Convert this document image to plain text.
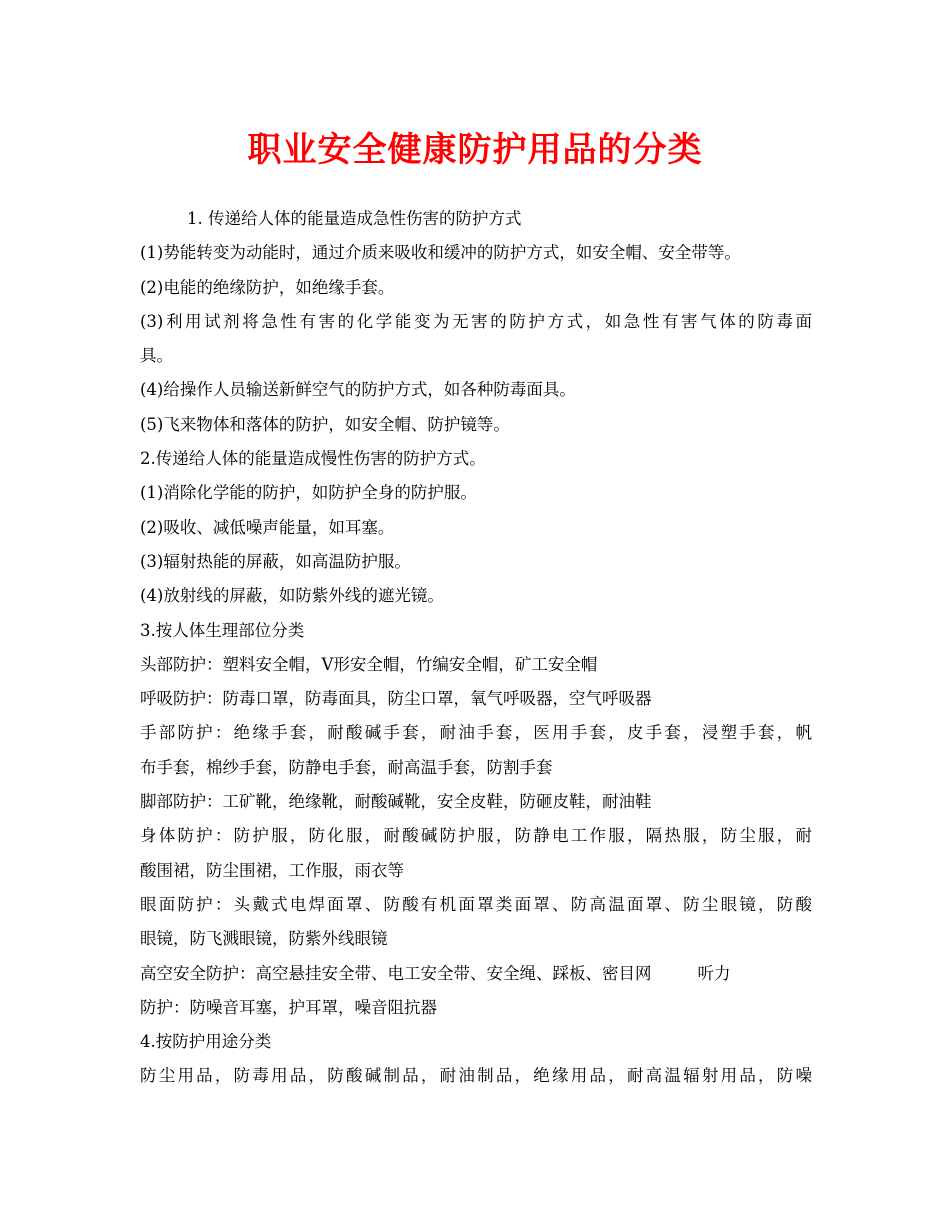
职业安全健康防护用品的分类
1. 传递给人体的能量造成急性伤害的防护方式
(1)势能转变为动能时，通过介质来吸收和缓冲的防护方式，如安全帽、安全带等。
(2)电能的绝缘防护，如绝缘手套。
(3)利用试剂将急性有害的化学能变为无害的防护方式，如急性有害气体的防毒面
具。
(4)给操作人员输送新鲜空气的防护方式，如各种防毒面具。
(5)飞来物体和落体的防护，如安全帽、防护镜等。
2.传递给人体的能量造成慢性伤害的防护方式。
(1)消除化学能的防护，如防护全身的防护服。
(2)吸收、减低噪声能量，如耳塞。
(3)辐射热能的屏蔽，如高温防护服。
(4)放射线的屏蔽，如防紫外线的遮光镜。
3.按人体生理部位分类
头部防护：塑料安全帽，V形安全帽，竹编安全帽，矿工安全帽
呼吸防护：防毒口罩，防毒面具，防尘口罩，氧气呼吸器，空气呼吸器
手部防护：绝缘手套，耐酸碱手套，耐油手套，医用手套，皮手套，浸塑手套，帆
布手套，棉纱手套，防静电手套，耐高温手套，防割手套
脚部防护：工矿靴，绝缘靴，耐酸碱靴，安全皮鞋，防砸皮鞋，耐油鞋
身体防护：防护服，防化服，耐酸碱防护服，防静电工作服，隔热服，防尘服，耐
酸围裙，防尘围裙，工作服，雨衣等
眼面防护：头戴式电焊面罩、防酸有机面罩类面罩、防高温面罩、防尘眼镜，防酸
眼镜，防飞溅眼镜，防紫外线眼镜
高空安全防护：高空悬挂安全带、电工安全带、安全绳、踩板、密目网	听力
防护：防噪音耳塞，护耳罩，噪音阻抗器
4.按防护用途分类
防尘用品，防毒用品，防酸碱制品，耐油制品，绝缘用品，耐高温辐射用品，防噪
